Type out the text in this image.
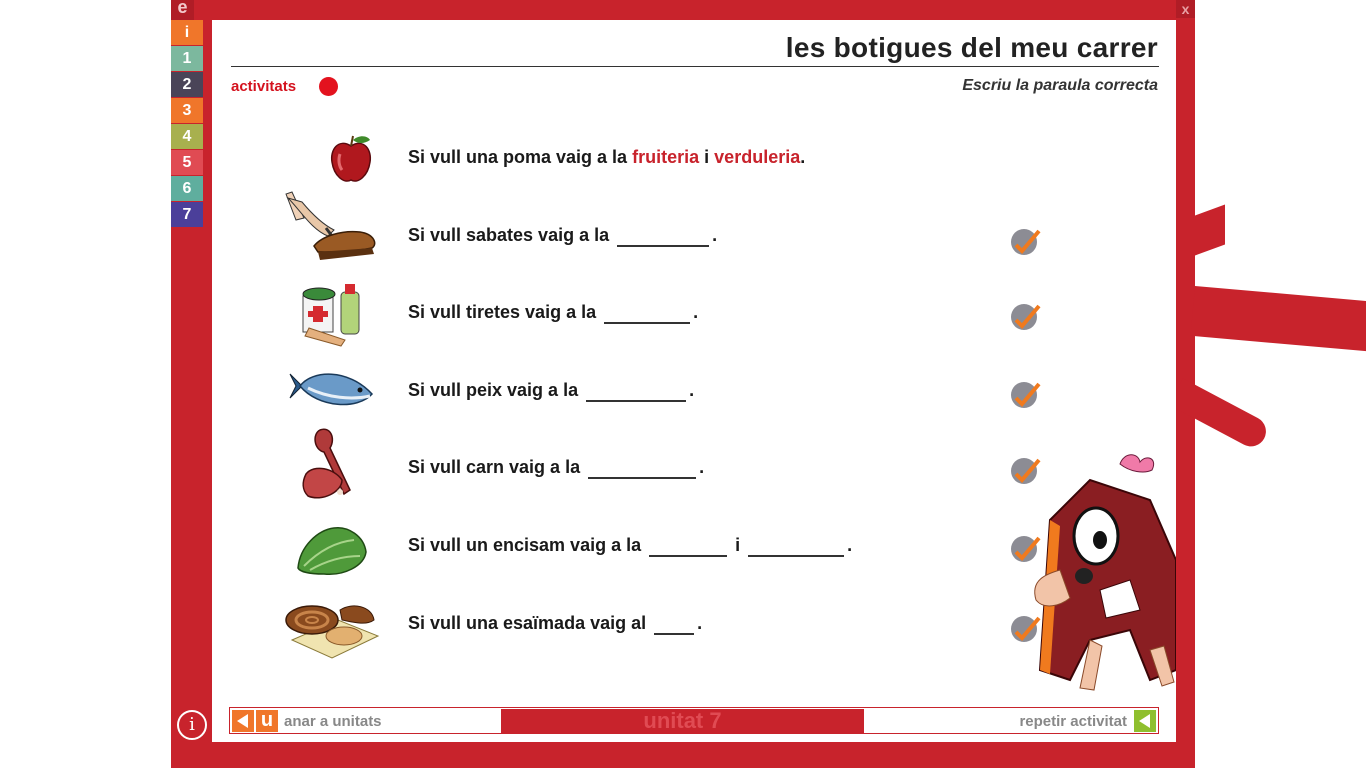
e	x
i
1
2
3
4
5
6
7
i
les botigues del meu carrer
activitats	Escriu la paraula correcta
Si vull una poma vaig a la fruiteria i verduleria.
Si vull sabates vaig a la	.
Si vull tiretes vaig a la	.
Si vull peix vaig a la	.
Si vull carn vaig a la	.
Si vull un encisam vaig a la	i	.
Si vull una esaïmada vaig al	.
u anar a unitats	unitat 7	repetir activitat
